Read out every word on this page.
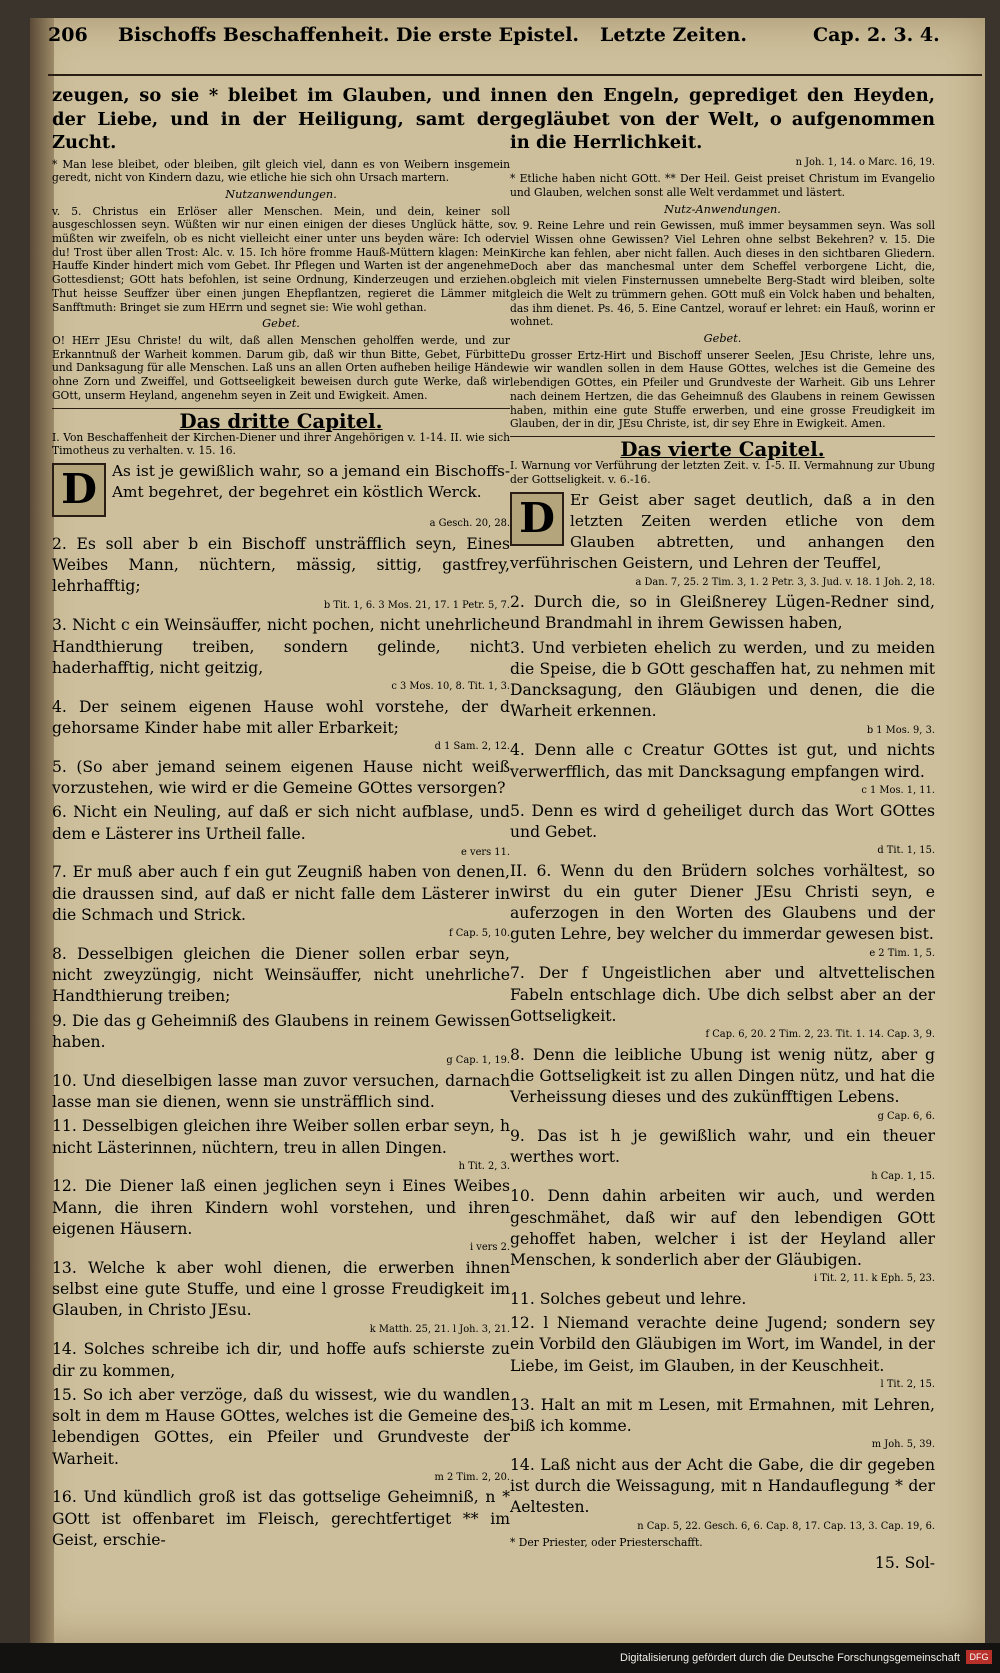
206 Bischoffs Beschaffenheit. Die erste Epistel. Letzte Zeiten.	Cap. 2. 3. 4.

zeugen, so sie * bleibet im Glauben, und in der Liebe, und in der Heiligung, samt der Zucht.

* Man lese bleibet, oder bleiben, gilt gleich viel, dann es von Weibern insgemein geredt, nicht von Kindern dazu, wie etliche hie sich ohn Ursach martern.

Nutzanwendungen.

v. 5. Christus ein Erlöser aller Menschen. Mein, und dein, keiner soll ausgeschlossen seyn. Wüßten wir nur einen einigen der dieses Unglück hätte, so müßten wir zweifeln, ob es nicht vielleicht einer unter uns beyden wäre: Ich oder du! Trost über allen Trost: Alc. v. 15. Ich höre fromme Hauß-Müttern klagen: Mein Hauffe Kinder hindert mich vom Gebet. Ihr Pflegen und Warten ist der angenehme Gottesdienst; GOtt hats befohlen, ist seine Ordnung, Kinderzeugen und erziehen. Thut heisse Seuffzer über einen jungen Ehepflantzen, regieret die Lämmer mit Sanfftmuth: Bringet sie zum HErrn und segnet sie: Wie wohl gethan.

Gebet.

O! HErr JEsu Christe! du wilt, daß allen Menschen geholffen werde, und zur Erkanntnuß der Warheit kommen. Darum gib, daß wir thun Bitte, Gebet, Fürbitte und Danksagung für alle Menschen. Laß uns an allen Orten aufheben heilige Hände ohne Zorn und Zweiffel, und Gottseeligkeit beweisen durch gute Werke, daß wir GOtt, unserm Heyland, angenehm seyen in Zeit und Ewigkeit. Amen.

Das dritte Capitel.

I. Von Beschaffenheit der Kirchen-Diener und ihrer Angehörigen v. 1-14. II. wie sich Timotheus zu verhalten. v. 15. 16.

D As ist je gewißlich wahr, so a jemand ein Bischoffs-Amt begehret, der begehret ein köstlich Werck.

a Gesch. 20, 28.

2. Es soll aber b ein Bischoff unsträfflich seyn, Eines Weibes Mann, nüchtern, mässig, sittig, gastfrey, lehrhafftig;

b Tit. 1, 6. 3 Mos. 21, 17. 1 Petr. 5, 7.

3. Nicht c ein Weinsäuffer, nicht pochen, nicht unehrliche Handthierung treiben, sondern gelinde, nicht haderhafftig, nicht geitzig,

c 3 Mos. 10, 8. Tit. 1, 3.

4. Der seinem eigenen Hause wohl vorstehe, der d gehorsame Kinder habe mit aller Erbarkeit;

d 1 Sam. 2, 12.

5. (So aber jemand seinem eigenen Hause nicht weiß vorzustehen, wie wird er die Gemeine GOttes versorgen?

6. Nicht ein Neuling, auf daß er sich nicht aufblase, und dem e Lästerer ins Urtheil falle.

e vers 11.

7. Er muß aber auch f ein gut Zeugniß haben von denen, die draussen sind, auf daß er nicht falle dem Lästerer in die Schmach und Strick.

f Cap. 5, 10.

8. Desselbigen gleichen die Diener sollen erbar seyn, nicht zweyzüngig, nicht Weinsäuffer, nicht unehrliche Handthierung treiben;

9. Die das g Geheimniß des Glaubens in reinem Gewissen haben.

g Cap. 1, 19.

10. Und dieselbigen lasse man zuvor versuchen, darnach lasse man sie dienen, wenn sie unsträfflich sind.

11. Desselbigen gleichen ihre Weiber sollen erbar seyn, h nicht Lästerinnen, nüchtern, treu in allen Dingen.

h Tit. 2, 3.

12. Die Diener laß einen jeglichen seyn i Eines Weibes Mann, die ihren Kindern wohl vorstehen, und ihren eigenen Häusern.

i vers 2.

13. Welche k aber wohl dienen, die erwerben ihnen selbst eine gute Stuffe, und eine l grosse Freudigkeit im Glauben, in Christo JEsu.

k Matth. 25, 21. l Joh. 3, 21.

14. Solches schreibe ich dir, und hoffe aufs schierste zu dir zu kommen,

15. So ich aber verzöge, daß du wissest, wie du wandlen solt in dem m Hause GOttes, welches ist die Gemeine des lebendigen GOttes, ein Pfeiler und Grundveste der Warheit.

m 2 Tim. 2, 20.

16. Und kündlich groß ist das gottselige Geheimniß, n * GOtt ist offenbaret im Fleisch, gerechtfertiget ** im Geist, erschie-

nen den Engeln, geprediget den Heyden, gegläubet von der Welt, o aufgenommen in die Herrlichkeit.

n Joh. 1, 14. o Marc. 16, 19.

* Etliche haben nicht GOtt. ** Der Heil. Geist preiset Christum im Evangelio und Glauben, welchen sonst alle Welt verdammet und lästert.

Nutz-Anwendungen.

v. 9. Reine Lehre und rein Gewissen, muß immer beysammen seyn. Was soll viel Wissen ohne Gewissen? Viel Lehren ohne selbst Bekehren? v. 15. Die Kirche kan fehlen, aber nicht fallen. Auch dieses in den sichtbaren Gliedern. Doch aber das manchesmal unter dem Scheffel verborgene Licht, die, obgleich mit vielen Finsternussen umnebelte Berg-Stadt wird bleiben, solte gleich die Welt zu trümmern gehen. GOtt muß ein Volck haben und behalten, das ihm dienet. Ps. 46, 5. Eine Cantzel, worauf er lehret: ein Hauß, worinn er wohnet.

Gebet.

Du grosser Ertz-Hirt und Bischoff unserer Seelen, JEsu Christe, lehre uns, wie wir wandlen sollen in dem Hause GOttes, welches ist die Gemeine des lebendigen GOttes, ein Pfeiler und Grundveste der Warheit. Gib uns Lehrer nach deinem Hertzen, die das Geheimnuß des Glaubens in reinem Gewissen haben, mithin eine gute Stuffe erwerben, und eine grosse Freudigkeit im Glauben, der in dir, JEsu Christe, ist, dir sey Ehre in Ewigkeit. Amen.

Das vierte Capitel.

I. Warnung vor Verführung der letzten Zeit. v. 1-5. II. Vermahnung zur Ubung der Gottseligkeit. v. 6.-16.

D Er Geist aber saget deutlich, daß a in den letzten Zeiten werden etliche von dem Glauben abtretten, und anhangen den verführischen Geistern, und Lehren der Teuffel,

a Dan. 7, 25. 2 Tim. 3, 1. 2 Petr. 3, 3. Jud. v. 18. 1 Joh. 2, 18.

2. Durch die, so in Gleißnerey Lügen-Redner sind, und Brandmahl in ihrem Gewissen haben,

3. Und verbieten ehelich zu werden, und zu meiden die Speise, die b GOtt geschaffen hat, zu nehmen mit Dancksagung, den Gläubigen und denen, die die Warheit erkennen.

b 1 Mos. 9, 3.

4. Denn alle c Creatur GOttes ist gut, und nichts verwerfflich, das mit Dancksagung empfangen wird.

c 1 Mos. 1, 11.

5. Denn es wird d geheiliget durch das Wort GOttes und Gebet.

d Tit. 1, 15.

II. 6. Wenn du den Brüdern solches vorhältest, so wirst du ein guter Diener JEsu Christi seyn, e auferzogen in den Worten des Glaubens und der guten Lehre, bey welcher du immerdar gewesen bist.

e 2 Tim. 1, 5.

7. Der f Ungeistlichen aber und altvettelischen Fabeln entschlage dich. Ube dich selbst aber an der Gottseligkeit.

f Cap. 6, 20. 2 Tim. 2, 23. Tit. 1. 14. Cap. 3, 9.

8. Denn die leibliche Ubung ist wenig nütz, aber g die Gottseligkeit ist zu allen Dingen nütz, und hat die Verheissung dieses und des zukünfftigen Lebens.

g Cap. 6, 6.

9. Das ist h je gewißlich wahr, und ein theuer werthes wort.

h Cap. 1, 15.

10. Denn dahin arbeiten wir auch, und werden geschmähet, daß wir auf den lebendigen GOtt gehoffet haben, welcher i ist der Heyland aller Menschen, k sonderlich aber der Gläubigen.

i Tit. 2, 11. k Eph. 5, 23.

11. Solches gebeut und lehre.

12. l Niemand verachte deine Jugend; sondern sey ein Vorbild den Gläubigen im Wort, im Wandel, in der Liebe, im Geist, im Glauben, in der Keuschheit.

l Tit. 2, 15.

13. Halt an mit m Lesen, mit Ermahnen, mit Lehren, biß ich komme.

m Joh. 5, 39.

14. Laß nicht aus der Acht die Gabe, die dir gegeben ist durch die Weissagung, mit n Handauflegung * der Aeltesten.

n Cap. 5, 22. Gesch. 6, 6. Cap. 8, 17. Cap. 13, 3. Cap. 19, 6.

* Der Priester, oder Priesterschafft.

15. Sol-

Digitalisierung gefördert durch die Deutsche Forschungsgemeinschaft	DFG
